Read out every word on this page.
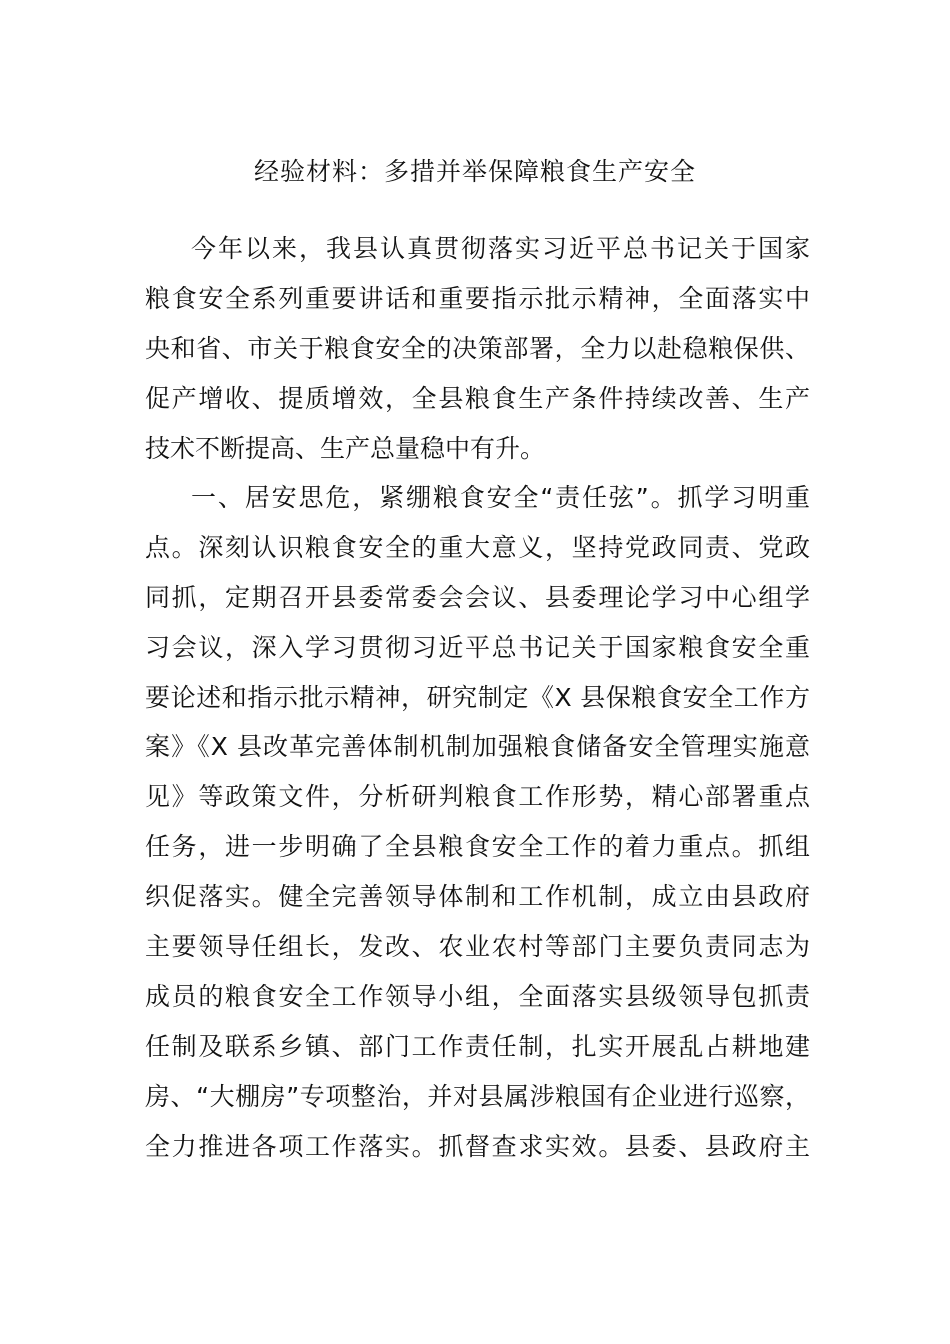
经验材料：多措并举保障粮食生产安全
今年以来，我县认真贯彻落实习近平总书记关于国家
粮食安全系列重要讲话和重要指示批示精神，全面落实中
央和省、市关于粮食安全的决策部署，全力以赴稳粮保供、
促产增收、提质增效，全县粮食生产条件持续改善、生产
技术不断提高、生产总量稳中有升。
一、居安思危，紧绷粮食安全“责任弦”。抓学习明重
点。深刻认识粮食安全的重大意义，坚持党政同责、党政
同抓，定期召开县委常委会会议、县委理论学习中心组学
习会议，深入学习贯彻习近平总书记关于国家粮食安全重
要论述和指示批示精神，研究制定《X 县保粮食安全工作方
案》《X 县改革完善体制机制加强粮食储备安全管理实施意
见》等政策文件，分析研判粮食工作形势，精心部署重点
任务，进一步明确了全县粮食安全工作的着力重点。抓组
织促落实。健全完善领导体制和工作机制，成立由县政府
主要领导任组长，发改、农业农村等部门主要负责同志为
成员的粮食安全工作领导小组，全面落实县级领导包抓责
任制及联系乡镇、部门工作责任制，扎实开展乱占耕地建
房、“大棚房”专项整治，并对县属涉粮国有企业进行巡察，
全力推进各项工作落实。抓督查求实效。县委、县政府主
